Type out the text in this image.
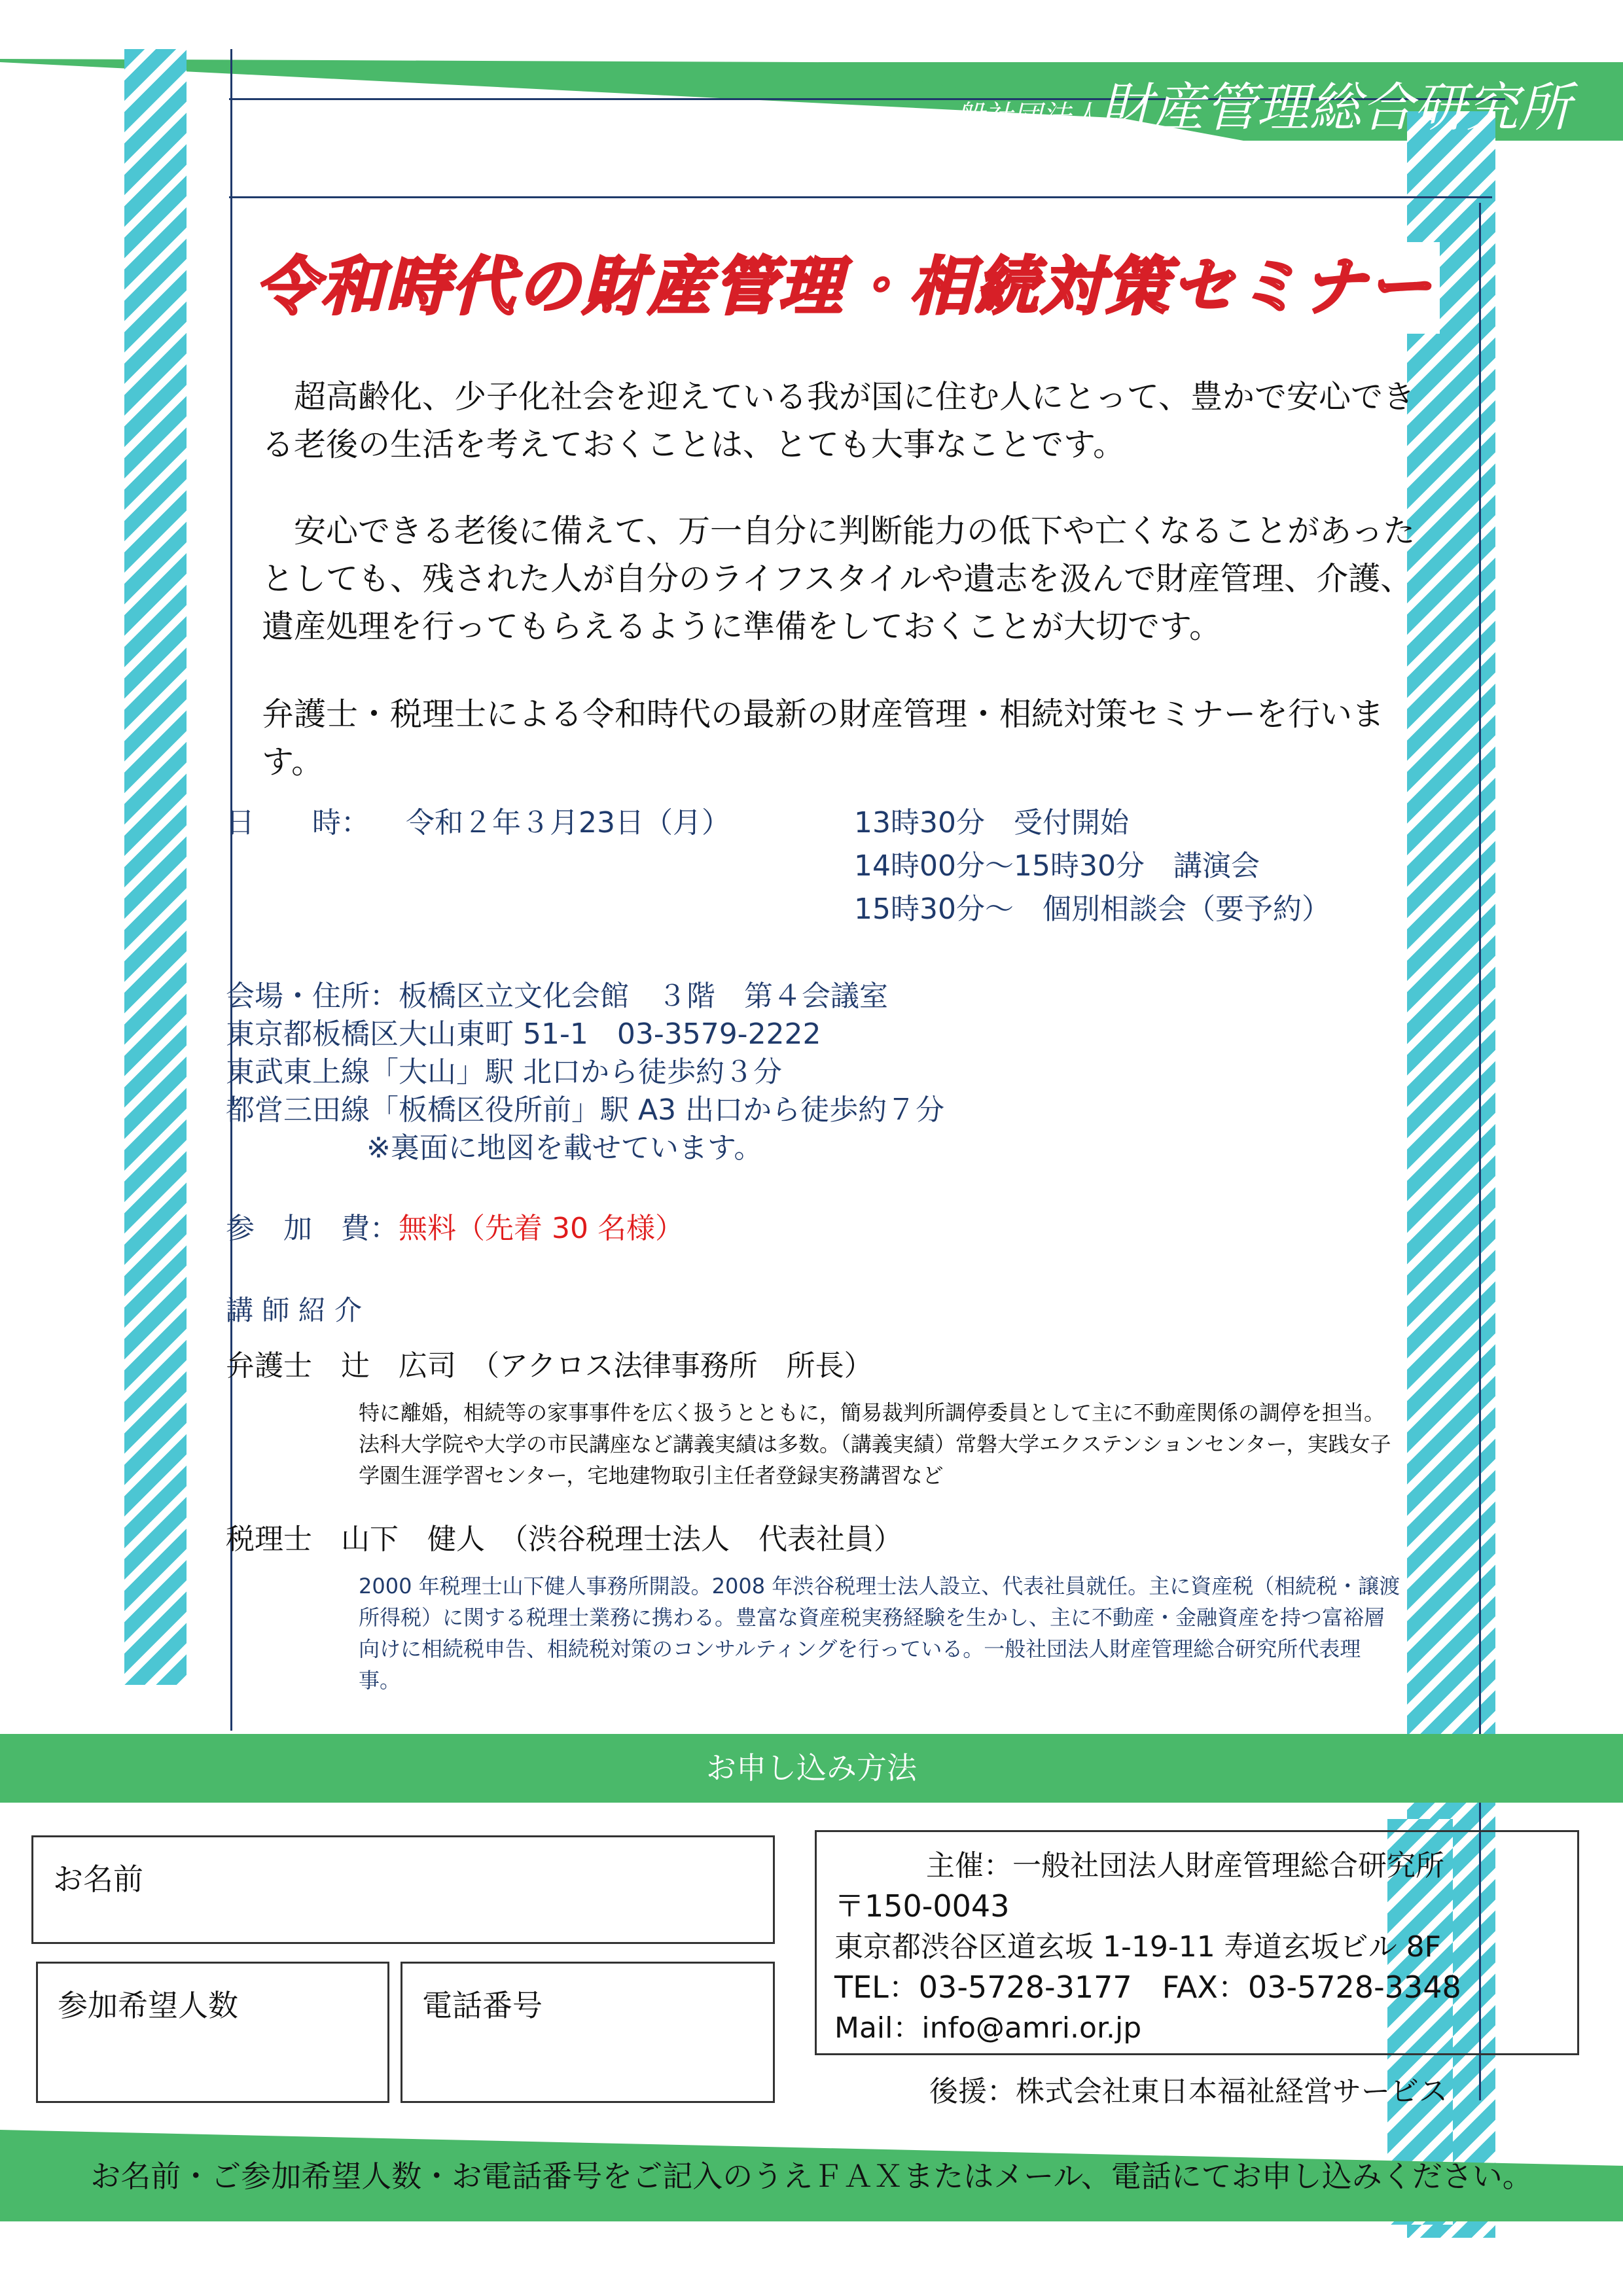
一般社団法人財産管理総合研究所
令和時代の財産管理・相続対策セミナー

　超高齢化、少子化社会を迎えている我が国に住む人にとって、豊かで安心できる老後の生活を考えておくことは、とても大事なことです。

　安心できる老後に備えて、万一自分に判断能力の低下や亡くなることがあったとしても、残された人が自分のライフスタイルや遺志を汲んで財産管理、介護、遺産処理を行ってもらえるように準備をしておくことが大切です。

弁護士・税理士による令和時代の最新の財産管理・相続対策セミナーを行います。

日　　時： 令和２年３月23日（月）	13時30分　受付開始
14時00分～15時30分　講演会
15時30分～　個別相談会（要予約）
会場・住所：板橋区立文化会館　３階　第４会議室
東京都板橋区大山東町 51-1　03-3579-2222
東武東上線「大山」駅 北口から徒歩約３分
都営三田線「板橋区役所前」駅 A3 出口から徒歩約７分
※裏面に地図を載せています。
参　加　費：無料（先着 30 名様）
講 師 紹 介
弁護士　辻　広司　（アクロス法律事務所　所長）
特に離婚，相続等の家事事件を広く扱うとともに，簡易裁判所調停委員として主に不動産関係の調停を担当。法科大学院や大学の市民講座など講義実績は多数。（講義実績）常磐大学エクステンションセンター，実践女子学園生涯学習センター，宅地建物取引主任者登録実務講習など
税理士　山下　健人　（渋谷税理士法人　代表社員）
2000 年税理士山下健人事務所開設。2008 年渋谷税理士法人設立、代表社員就任。主に資産税（相続税・譲渡所得税）に関する税理士業務に携わる。豊富な資産税実務経験を生かし、主に不動産・金融資産を持つ富裕層向けに相続税申告、相続税対策のコンサルティングを行っている。一般社団法人財産管理総合研究所代表理事。
お申し込み方法
お名前
参加希望人数	電話番号
主催：一般社団法人財産管理総合研究所
〒150-0043
東京都渋谷区道玄坂 1-19-11 寿道玄坂ビル 8F
TEL：03-5728-3177　FAX：03-5728-3348
Mail：info@amri.or.jp
後援：株式会社東日本福祉経営サービス
お名前・ご参加希望人数・お電話番号をご記入のうえＦＡＸまたはメール、電話にてお申し込みください。
